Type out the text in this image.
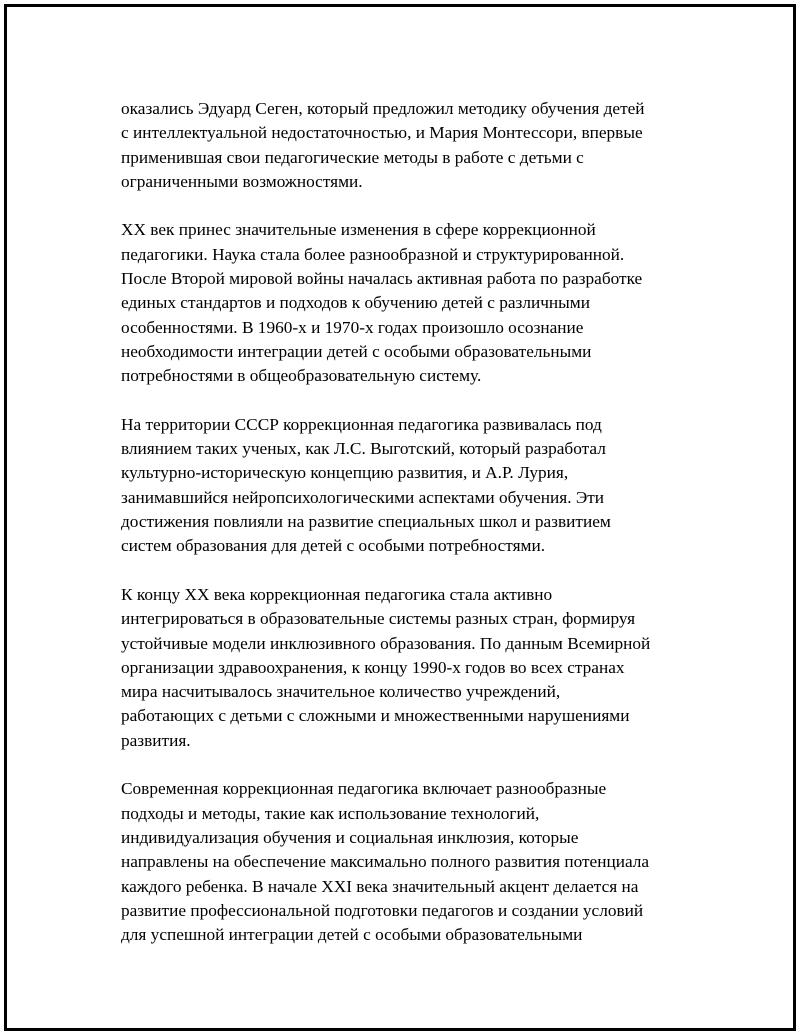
оказались Эдуард Сеген, который предложил методику обучения детей
с интеллектуальной недостаточностью, и Мария Монтессори, впервые
применившая свои педагогические методы в работе с детьми с
ограниченными возможностями.

XX век принес значительные изменения в сфере коррекционной
педагогики. Наука стала более разнообразной и структурированной.
После Второй мировой войны началась активная работа по разработке
единых стандартов и подходов к обучению детей с различными
особенностями. В 1960-х и 1970-х годах произошло осознание
необходимости интеграции детей с особыми образовательными
потребностями в общеобразовательную систему.

На территории СССР коррекционная педагогика развивалась под
влиянием таких ученых, как Л.С. Выготский, который разработал
культурно-историческую концепцию развития, и А.Р. Лурия,
занимавшийся нейропсихологическими аспектами обучения. Эти
достижения повлияли на развитие специальных школ и развитием
систем образования для детей с особыми потребностями.

К концу XX века коррекционная педагогика стала активно
интегрироваться в образовательные системы разных стран, формируя
устойчивые модели инклюзивного образования. По данным Всемирной
организации здравоохранения, к концу 1990-х годов во всех странах
мира насчитывалось значительное количество учреждений,
работающих с детьми с сложными и множественными нарушениями
развития.

Современная коррекционная педагогика включает разнообразные
подходы и методы, такие как использование технологий,
индивидуализация обучения и социальная инклюзия, которые
направлены на обеспечение максимально полного развития потенциала
каждого ребенка. В начале XXI века значительный акцент делается на
развитие профессиональной подготовки педагогов и создании условий
для успешной интеграции детей с особыми образовательными
